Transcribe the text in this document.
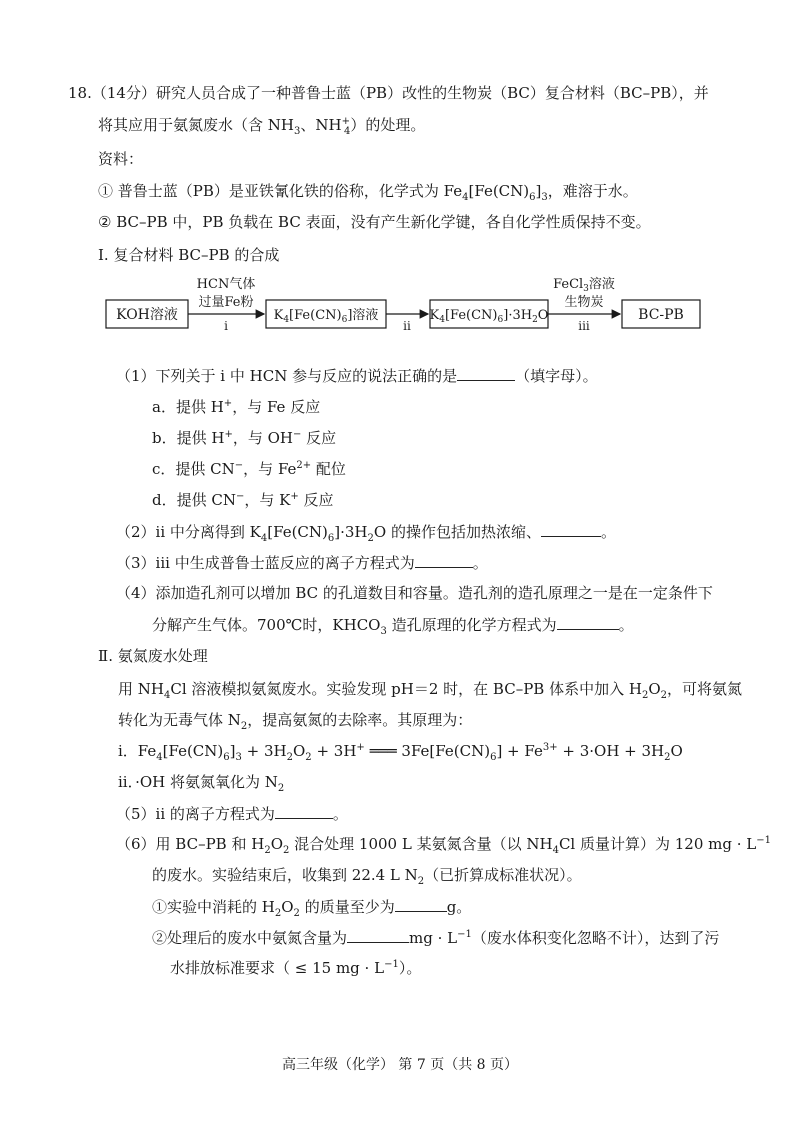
18.（14分）研究人员合成了一种普鲁士蓝（PB）改性的生物炭（BC）复合材料（BC–PB），并
将其应用于氨氮废水（含 $NH_3$、$NH^+_4$）的处理。
资料：
① 普鲁士蓝（PB）是亚铁氰化铁的俗称，化学式为 $Fe_4[Fe(CN)_6]_3$，难溶于水。
② BC–PB 中，PB 负载在 BC 表面，没有产生新化学键，各自化学性质保持不变。
Ⅰ. 复合材料 BC–PB 的合成
KOH溶液	$K_4[Fe(CN)_6]$溶液	$K_4[Fe(CN)_6]\cdot 3H_2O$	BC-PB
HCN气体
过量Fe粉
i	ii
FeCl$_3$溶液
生物炭
iii
（1）下列关于 i 中 HCN 参与反应的说法正确的是	（填字母）。
a．提供 H+，与 Fe 反应
b．提供 H+，与 OH− 反应
c．提供 CN−，与 $Fe^{2+}$ 配位
d．提供 CN−，与 K+ 反应
（2）ii 中分离得到 $K_4[Fe(CN)_6]\cdot 3H_2O$ 的操作包括加热浓缩、	。
（3）iii 中生成普鲁士蓝反应的离子方程式为	。
（4）添加造孔剂可以增加 BC 的孔道数目和容量。造孔剂的造孔原理之一是在一定条件下
分解产生气体。700℃时，$KHCO_3$ 造孔原理的化学方程式为	。
Ⅱ. 氨氮废水处理
用 $NH_4Cl$ 溶液模拟氨氮废水。实验发现 pH＝2 时，在 BC–PB 体系中加入 $H_2O_2$，可将氨氮
转化为无毒气体 $N_2$，提高氨氮的去除率。其原理为：
i．$Fe_4[Fe(CN)_6]_3 + 3H_2O_2 + 3H^+$ ═══ $3Fe[Fe(CN)_6] + Fe^{3+} + 3\cdot OH + 3H_2O$
ii．·OH 将氨氮氧化为 $N_2$
（5）ii 的离子方程式为	。
（6）用 BC–PB 和 $H_2O_2$ 混合处理 1000 L 某氨氮含量（以 $NH_4Cl$ 质量计算）为 120 mg · $L^{-1}$
的废水。实验结束后，收集到 22.4 L $N_2$（已折算成标准状况）。
①实验中消耗的 $H_2O_2$ 的质量至少为	g。
②处理后的废水中氨氮含量为	mg · $L^{-1}$（废水体积变化忽略不计），达到了污
水排放标准要求（ ≤ 15 mg · $L^{-1}$）。
高三年级（化学） 第 7 页（共 8 页）
